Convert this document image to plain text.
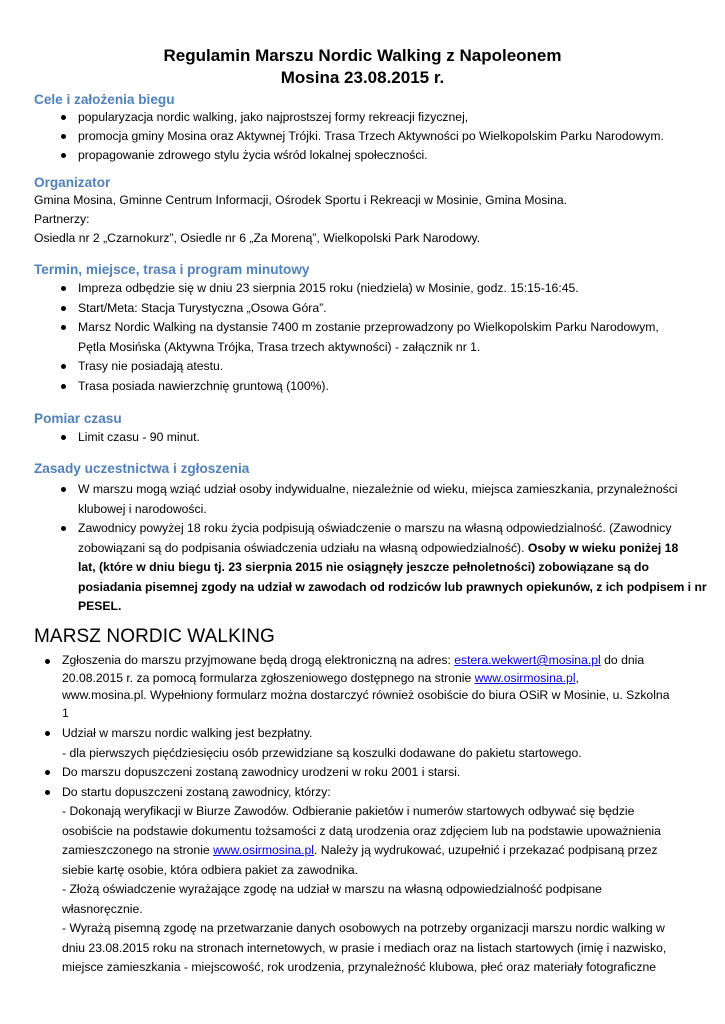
Regulamin Marszu Nordic Walking z Napoleonem
Mosina 23.08.2015 r.
Cele i założenia biegu
popularyzacja nordic walking, jako najprostszej formy rekreacji fizycznej,
promocja gminy Mosina oraz Aktywnej Trójki. Trasa Trzech Aktywności po Wielkopolskim Parku Narodowym.
propagowanie zdrowego stylu życia wśród lokalnej społeczności.
Organizator
Gmina Mosina, Gminne Centrum Informacji, Ośrodek Sportu i Rekreacji w Mosinie, Gmina Mosina.
Partnerzy:
Osiedla nr 2 „Czarnokurz”, Osiedle nr 6 „Za Moreną”, Wielkopolski Park Narodowy.
Termin, miejsce, trasa i program minutowy
Impreza odbędzie się w dniu 23 sierpnia 2015 roku (niedziela) w Mosinie, godz. 15:15-16:45.
Start/Meta: Stacja Turystyczna „Osowa Góra”.
Marsz Nordic Walking na dystansie 7400 m zostanie przeprowadzony po Wielkopolskim Parku Narodowym,
Pętla Mosińska (Aktywna Trójka, Trasa trzech aktywności) - załącznik nr 1.
Trasy nie posiadają atestu.
Trasa posiada nawierzchnię gruntową (100%).
Pomiar czasu
Limit czasu - 90 minut.
Zasady uczestnictwa i zgłoszenia
W marszu mogą wziąć udział osoby indywidualne, niezależnie od wieku, miejsca zamieszkania, przynależności
klubowej i narodowości.
Zawodnicy powyżej 18 roku życia podpisują oświadczenie o marszu na własną odpowiedzialność. (Zawodnicy
zobowiązani są do podpisania oświadczenia udziału na własną odpowiedzialność). Osoby w wieku poniżej 18
lat, (które w dniu biegu tj. 23 sierpnia 2015 nie osiągnęły jeszcze pełnoletności) zobowiązane są do
posiadania pisemnej zgody na udział w zawodach od rodziców lub prawnych opiekunów, z ich podpisem i nr
PESEL.
MARSZ NORDIC WALKING
Zgłoszenia do marszu przyjmowane będą drogą elektroniczną na adres: estera.wekwert@mosina.pl do dnia
20.08.2015 r. za pomocą formularza zgłoszeniowego dostępnego na stronie www.osirmosina.pl,
www.mosina.pl. Wypełniony formularz można dostarczyć również osobiście do biura OSiR w Mosinie, u. Szkolna
1
Udział w marszu nordic walking jest bezpłatny.
- dla pierwszych pięćdziesięciu osób przewidziane są koszulki dodawane do pakietu startowego.
Do marszu dopuszczeni zostaną zawodnicy urodzeni w roku 2001 i starsi.
Do startu dopuszczeni zostaną zawodnicy, którzy:
- Dokonają weryfikacji w Biurze Zawodów. Odbieranie pakietów i numerów startowych odbywać się będzie
osobiście na podstawie dokumentu tożsamości z datą urodzenia oraz zdjęciem lub na podstawie upoważnienia
zamieszczonego na stronie www.osirmosina.pl. Należy ją wydrukować, uzupełnić i przekazać podpisaną przez
siebie kartę osobie, która odbiera pakiet za zawodnika.
- Złożą oświadczenie wyrażające zgodę na udział w marszu na własną odpowiedzialność podpisane
własnoręcznie.
- Wyrażą pisemną zgodę na przetwarzanie danych osobowych na potrzeby organizacji marszu nordic walking w
dniu 23.08.2015 roku na stronach internetowych, w prasie i mediach oraz na listach startowych (imię i nazwisko,
miejsce zamieszkania - miejscowość, rok urodzenia, przynależność klubowa, płeć oraz materiały fotograficzne
